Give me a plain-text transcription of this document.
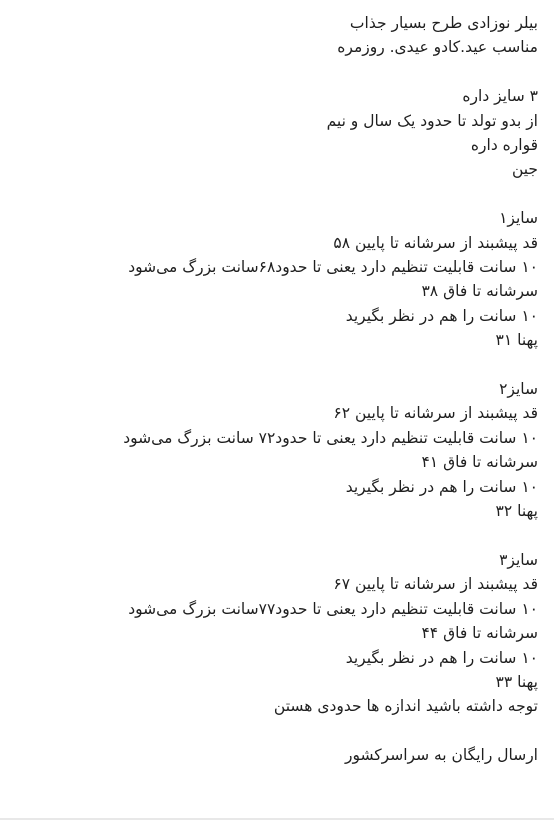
بیلر نوزادی طرح بسیار جذاب
مناسب عید.کادو عیدی. روزمره
۳ سایز داره
از بدو تولد تا حدود یک سال و نیم
قواره داره
جین
سایز۱
قد پیشبند از سرشانه تا پایین ۵۸
۱۰ سانت قابلیت تنظیم دارد یعنی تا حدود۶۸سانت بزرگ می‌شود
سرشانه تا فاق ۳۸
۱۰ سانت را هم در نظر بگیرید
پهنا ۳۱
سایز۲
قد پیشبند از سرشانه تا پایین ۶۲
۱۰ سانت قابلیت تنظیم دارد یعنی تا حدود۷۲ سانت بزرگ می‌شود
سرشانه تا فاق ۴۱
۱۰ سانت را هم در نظر بگیرید
پهنا ۳۲
سایز۳
قد پیشبند از سرشانه تا پایین ۶۷
۱۰ سانت قابلیت تنظیم دارد یعنی تا حدود۷۷سانت بزرگ می‌شود
سرشانه تا فاق ۴۴
۱۰ سانت را هم در نظر بگیرید
پهنا ۳۳
توجه داشته باشید اندازه ها حدودی هستن
ارسال رایگان به سراسرکشور
